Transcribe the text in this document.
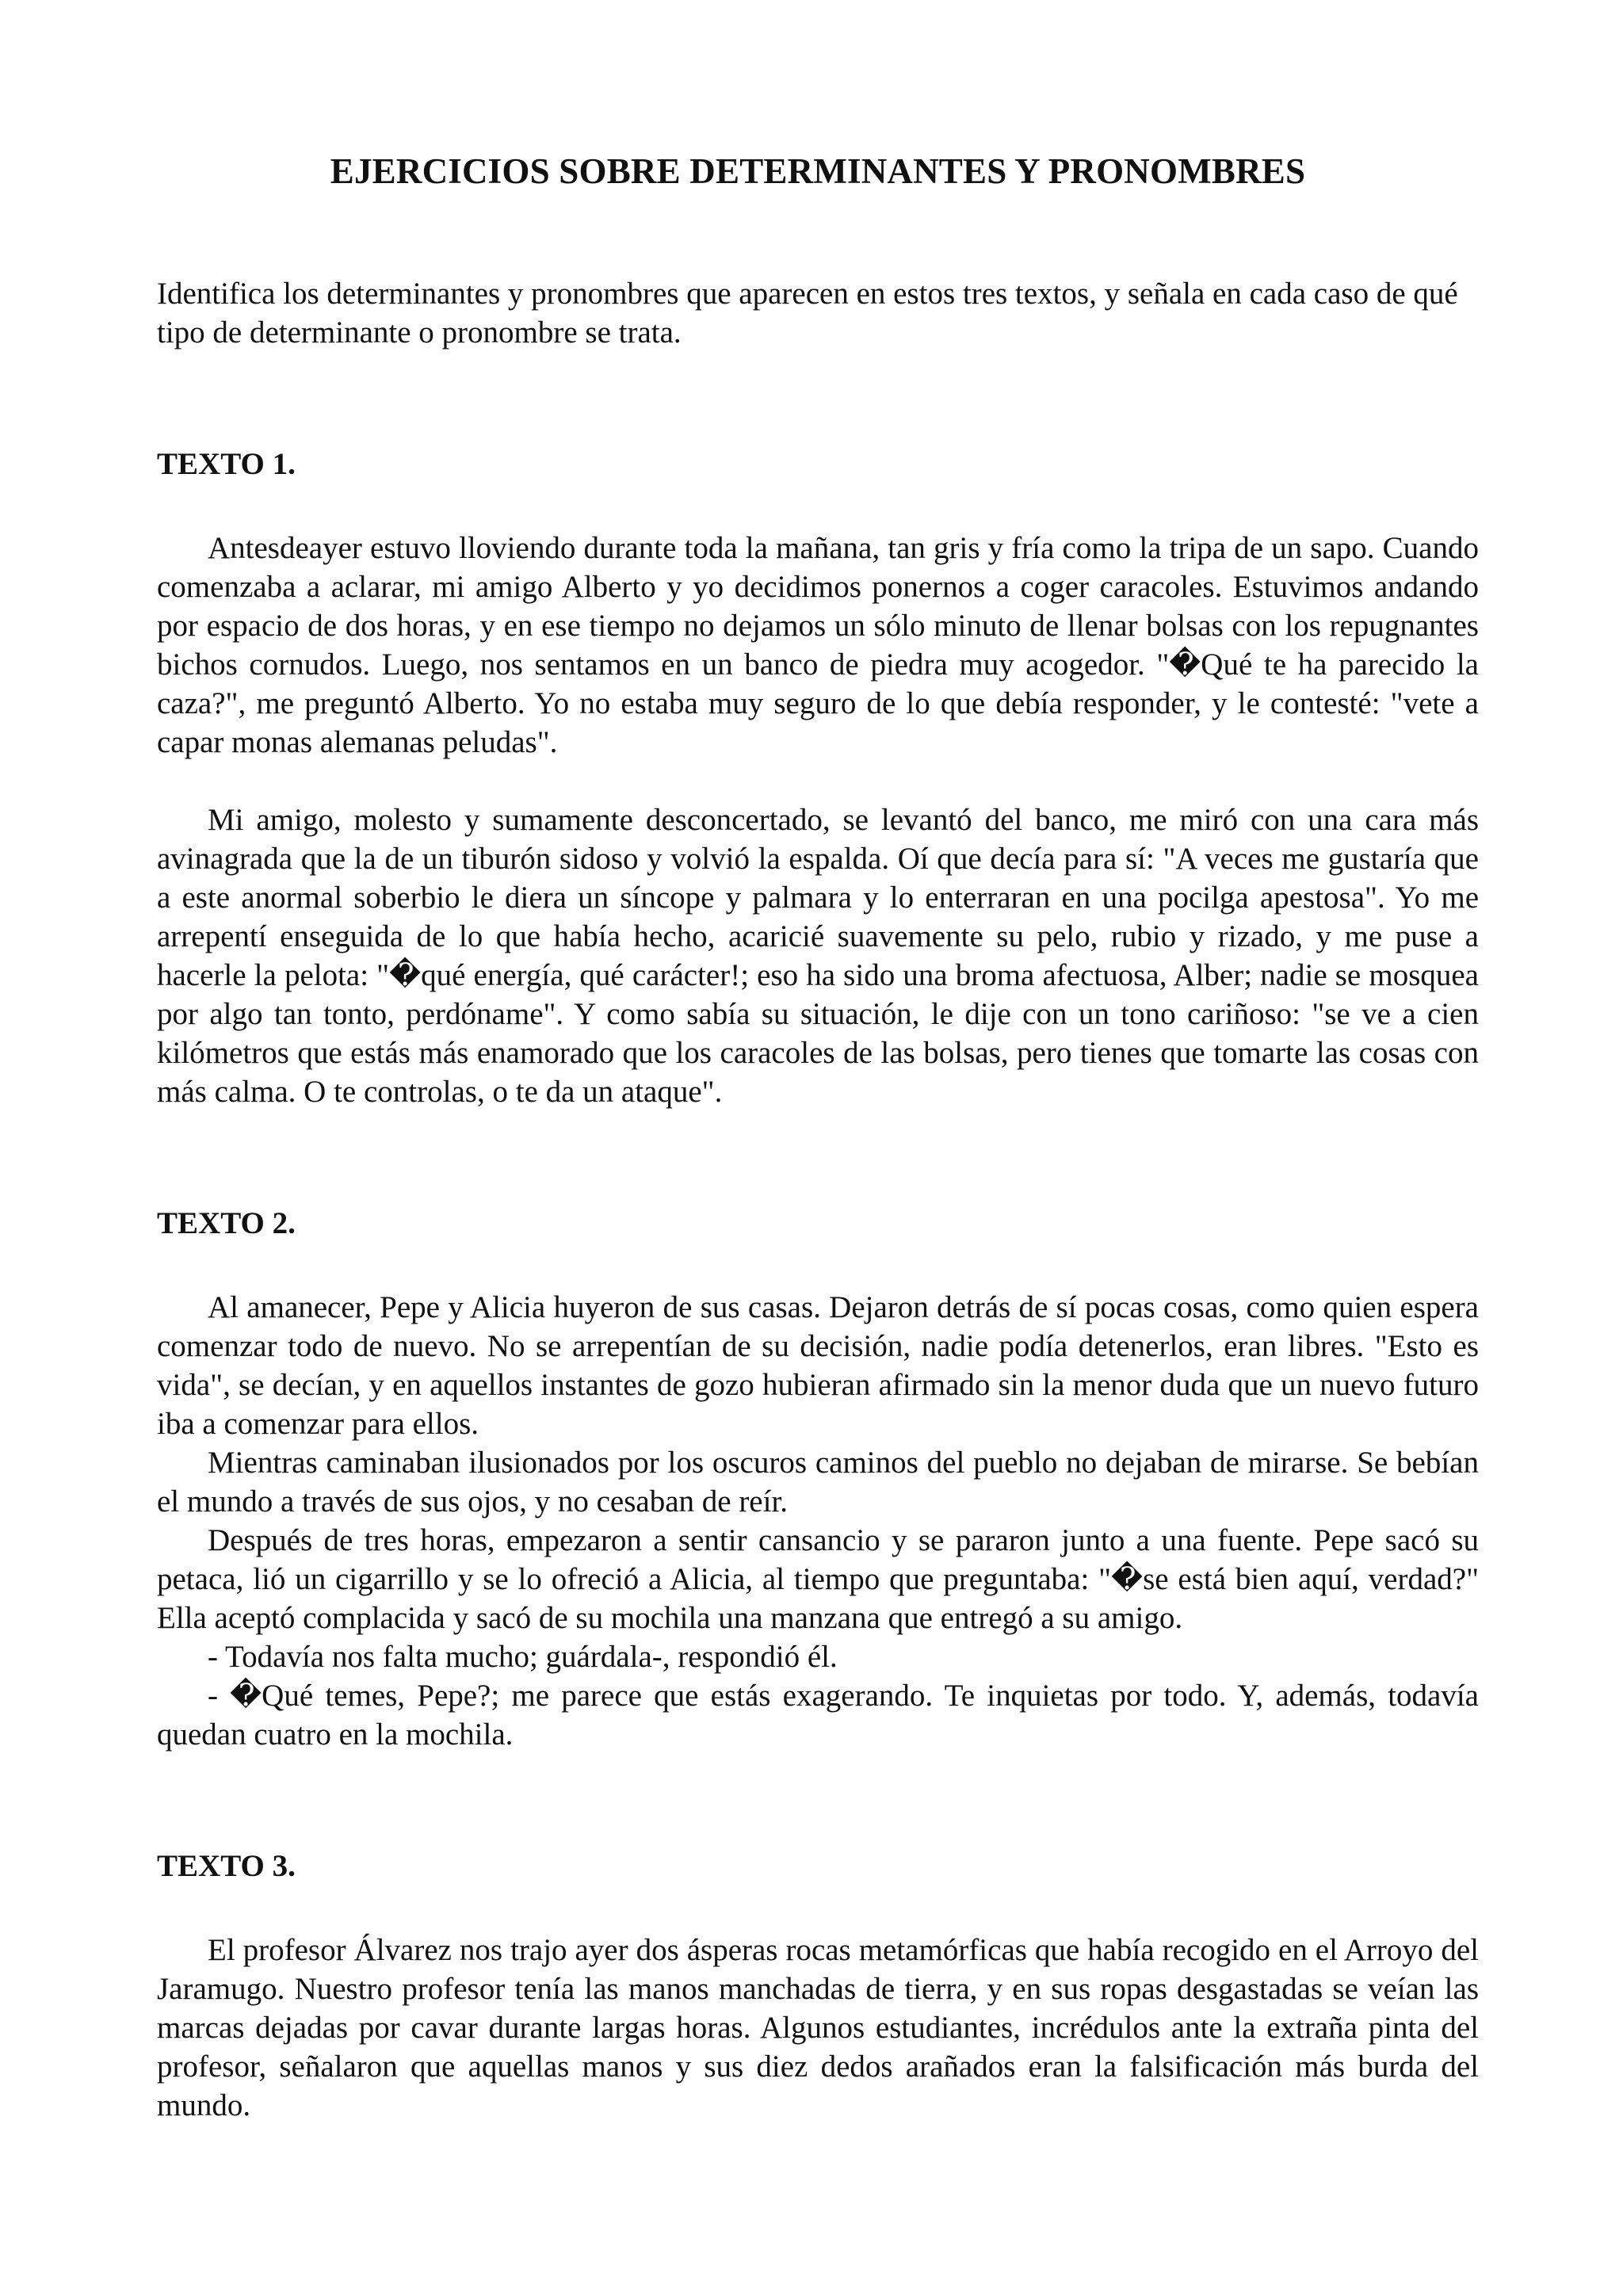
EJERCICIOS SOBRE DETERMINANTES Y PRONOMBRES

Identifica los determinantes y pronombres que aparecen en estos tres textos, y señala en cada caso de qué tipo de determinante o pronombre se trata.

TEXTO 1.

Antesdeayer estuvo lloviendo durante toda la mañana, tan gris y fría como la tripa de un sapo. Cuando comenzaba a aclarar, mi amigo Alberto y yo decidimos ponernos a coger caracoles. Estuvimos andando por espacio de dos horas, y en ese tiempo no dejamos un sólo minuto de llenar bolsas con los repugnantes bichos cornudos. Luego, nos sentamos en un banco de piedra muy acogedor. "�Qué te ha parecido la caza?", me preguntó Alberto. Yo no estaba muy seguro de lo que debía responder, y le contesté: "vete a capar monas alemanas peludas".

Mi amigo, molesto y sumamente desconcertado, se levantó del banco, me miró con una cara más avinagrada que la de un tiburón sidoso y volvió la espalda. Oí que decía para sí: "A veces me gustaría que a este anormal soberbio le diera un síncope y palmara y lo enterraran en una pocilga apestosa". Yo me arrepentí enseguida de lo que había hecho, acaricié suavemente su pelo, rubio y rizado, y me puse a hacerle la pelota: "�qué energía, qué carácter!; eso ha sido una broma afectuosa, Alber; nadie se mosquea por algo tan tonto, perdóname". Y como sabía su situación, le dije con un tono cariñoso: "se ve a cien kilómetros que estás más enamorado que los caracoles de las bolsas, pero tienes que tomarte las cosas con más calma. O te controlas, o te da un ataque".

TEXTO 2.

Al amanecer, Pepe y Alicia huyeron de sus casas. Dejaron detrás de sí pocas cosas, como quien espera comenzar todo de nuevo. No se arrepentían de su decisión, nadie podía detenerlos, eran libres. "Esto es vida", se decían, y en aquellos instantes de gozo hubieran afirmado sin la menor duda que un nuevo futuro iba a comenzar para ellos.

Mientras caminaban ilusionados por los oscuros caminos del pueblo no dejaban de mirarse. Se bebían el mundo a través de sus ojos, y no cesaban de reír.

Después de tres horas, empezaron a sentir cansancio y se pararon junto a una fuente. Pepe sacó su petaca, lió un cigarrillo y se lo ofreció a Alicia, al tiempo que preguntaba: "�se está bien aquí, verdad?" Ella aceptó complacida y sacó de su mochila una manzana que entregó a su amigo.

- Todavía nos falta mucho; guárdala-, respondió él.

- �Qué temes, Pepe?; me parece que estás exagerando. Te inquietas por todo. Y, además, todavía quedan cuatro en la mochila.

TEXTO 3.

El profesor Álvarez nos trajo ayer dos ásperas rocas metamórficas que había recogido en el Arroyo del Jaramugo. Nuestro profesor tenía las manos manchadas de tierra, y en sus ropas desgastadas se veían las marcas dejadas por cavar durante largas horas. Algunos estudiantes, incrédulos ante la extraña pinta del profesor, señalaron que aquellas manos y sus diez dedos arañados eran la falsificación más burda del mundo.
